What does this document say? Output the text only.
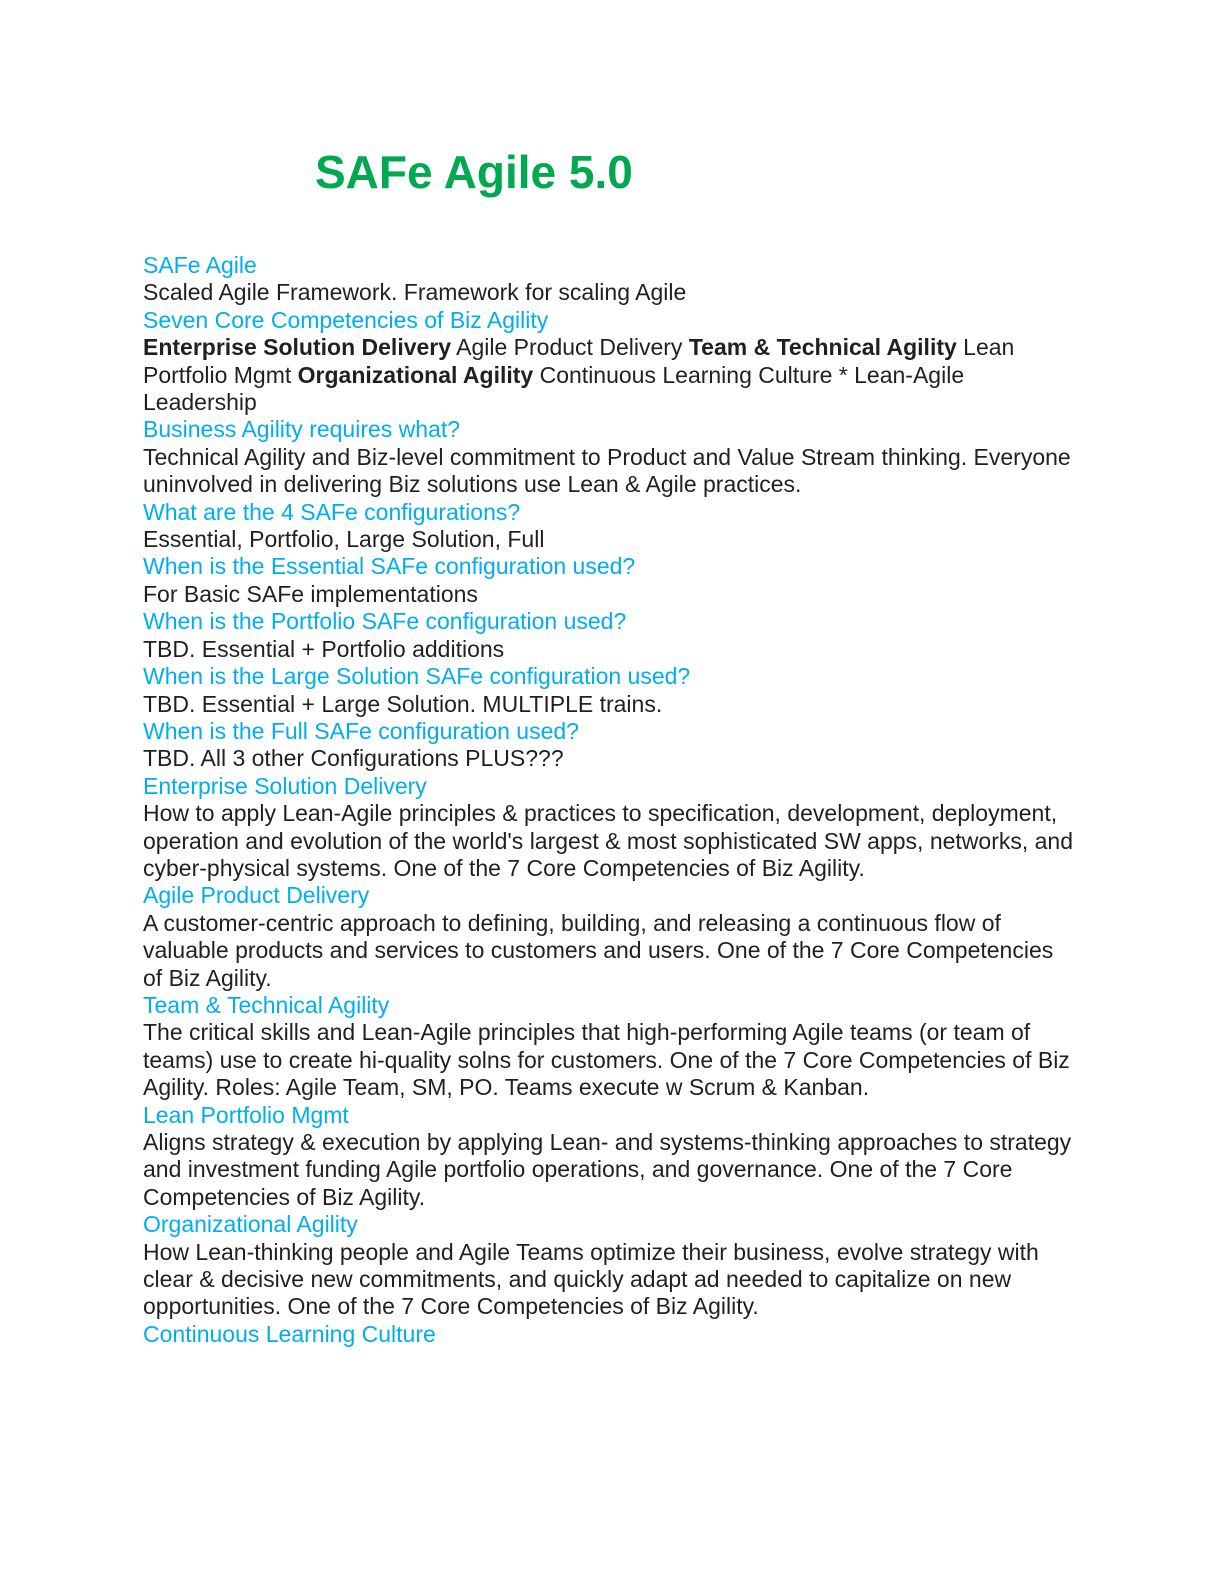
SAFe Agile 5.0
SAFe Agile
Scaled Agile Framework. Framework for scaling Agile
Seven Core Competencies of Biz Agility
Enterprise Solution Delivery Agile Product Delivery Team & Technical Agility Lean Portfolio Mgmt Organizational Agility Continuous Learning Culture * Lean-Agile Leadership
Business Agility requires what?
Technical Agility and Biz-level commitment to Product and Value Stream thinking. Everyone uninvolved in delivering Biz solutions use Lean & Agile practices.
What are the 4 SAFe configurations?
Essential, Portfolio, Large Solution, Full
When is the Essential SAFe configuration used?
For Basic SAFe implementations
When is the Portfolio SAFe configuration used?
TBD. Essential + Portfolio additions
When is the Large Solution SAFe configuration used?
TBD. Essential + Large Solution. MULTIPLE trains.
When is the Full SAFe configuration used?
TBD. All 3 other Configurations PLUS???
Enterprise Solution Delivery
How to apply Lean-Agile principles & practices to specification, development, deployment, operation and evolution of the world's largest & most sophisticated SW apps, networks, and cyber-physical systems. One of the 7 Core Competencies of Biz Agility.
Agile Product Delivery
A customer-centric approach to defining, building, and releasing a continuous flow of valuable products and services to customers and users. One of the 7 Core Competencies of Biz Agility.
Team & Technical Agility
The critical skills and Lean-Agile principles that high-performing Agile teams (or team of teams) use to create hi-quality solns for customers. One of the 7 Core Competencies of Biz Agility. Roles: Agile Team, SM, PO. Teams execute w Scrum & Kanban.
Lean Portfolio Mgmt
Aligns strategy & execution by applying Lean- and systems-thinking approaches to strategy and investment funding Agile portfolio operations, and governance. One of the 7 Core Competencies of Biz Agility.
Organizational Agility
How Lean-thinking people and Agile Teams optimize their business, evolve strategy with clear & decisive new commitments, and quickly adapt ad needed to capitalize on new opportunities. One of the 7 Core Competencies of Biz Agility.
Continuous Learning Culture
